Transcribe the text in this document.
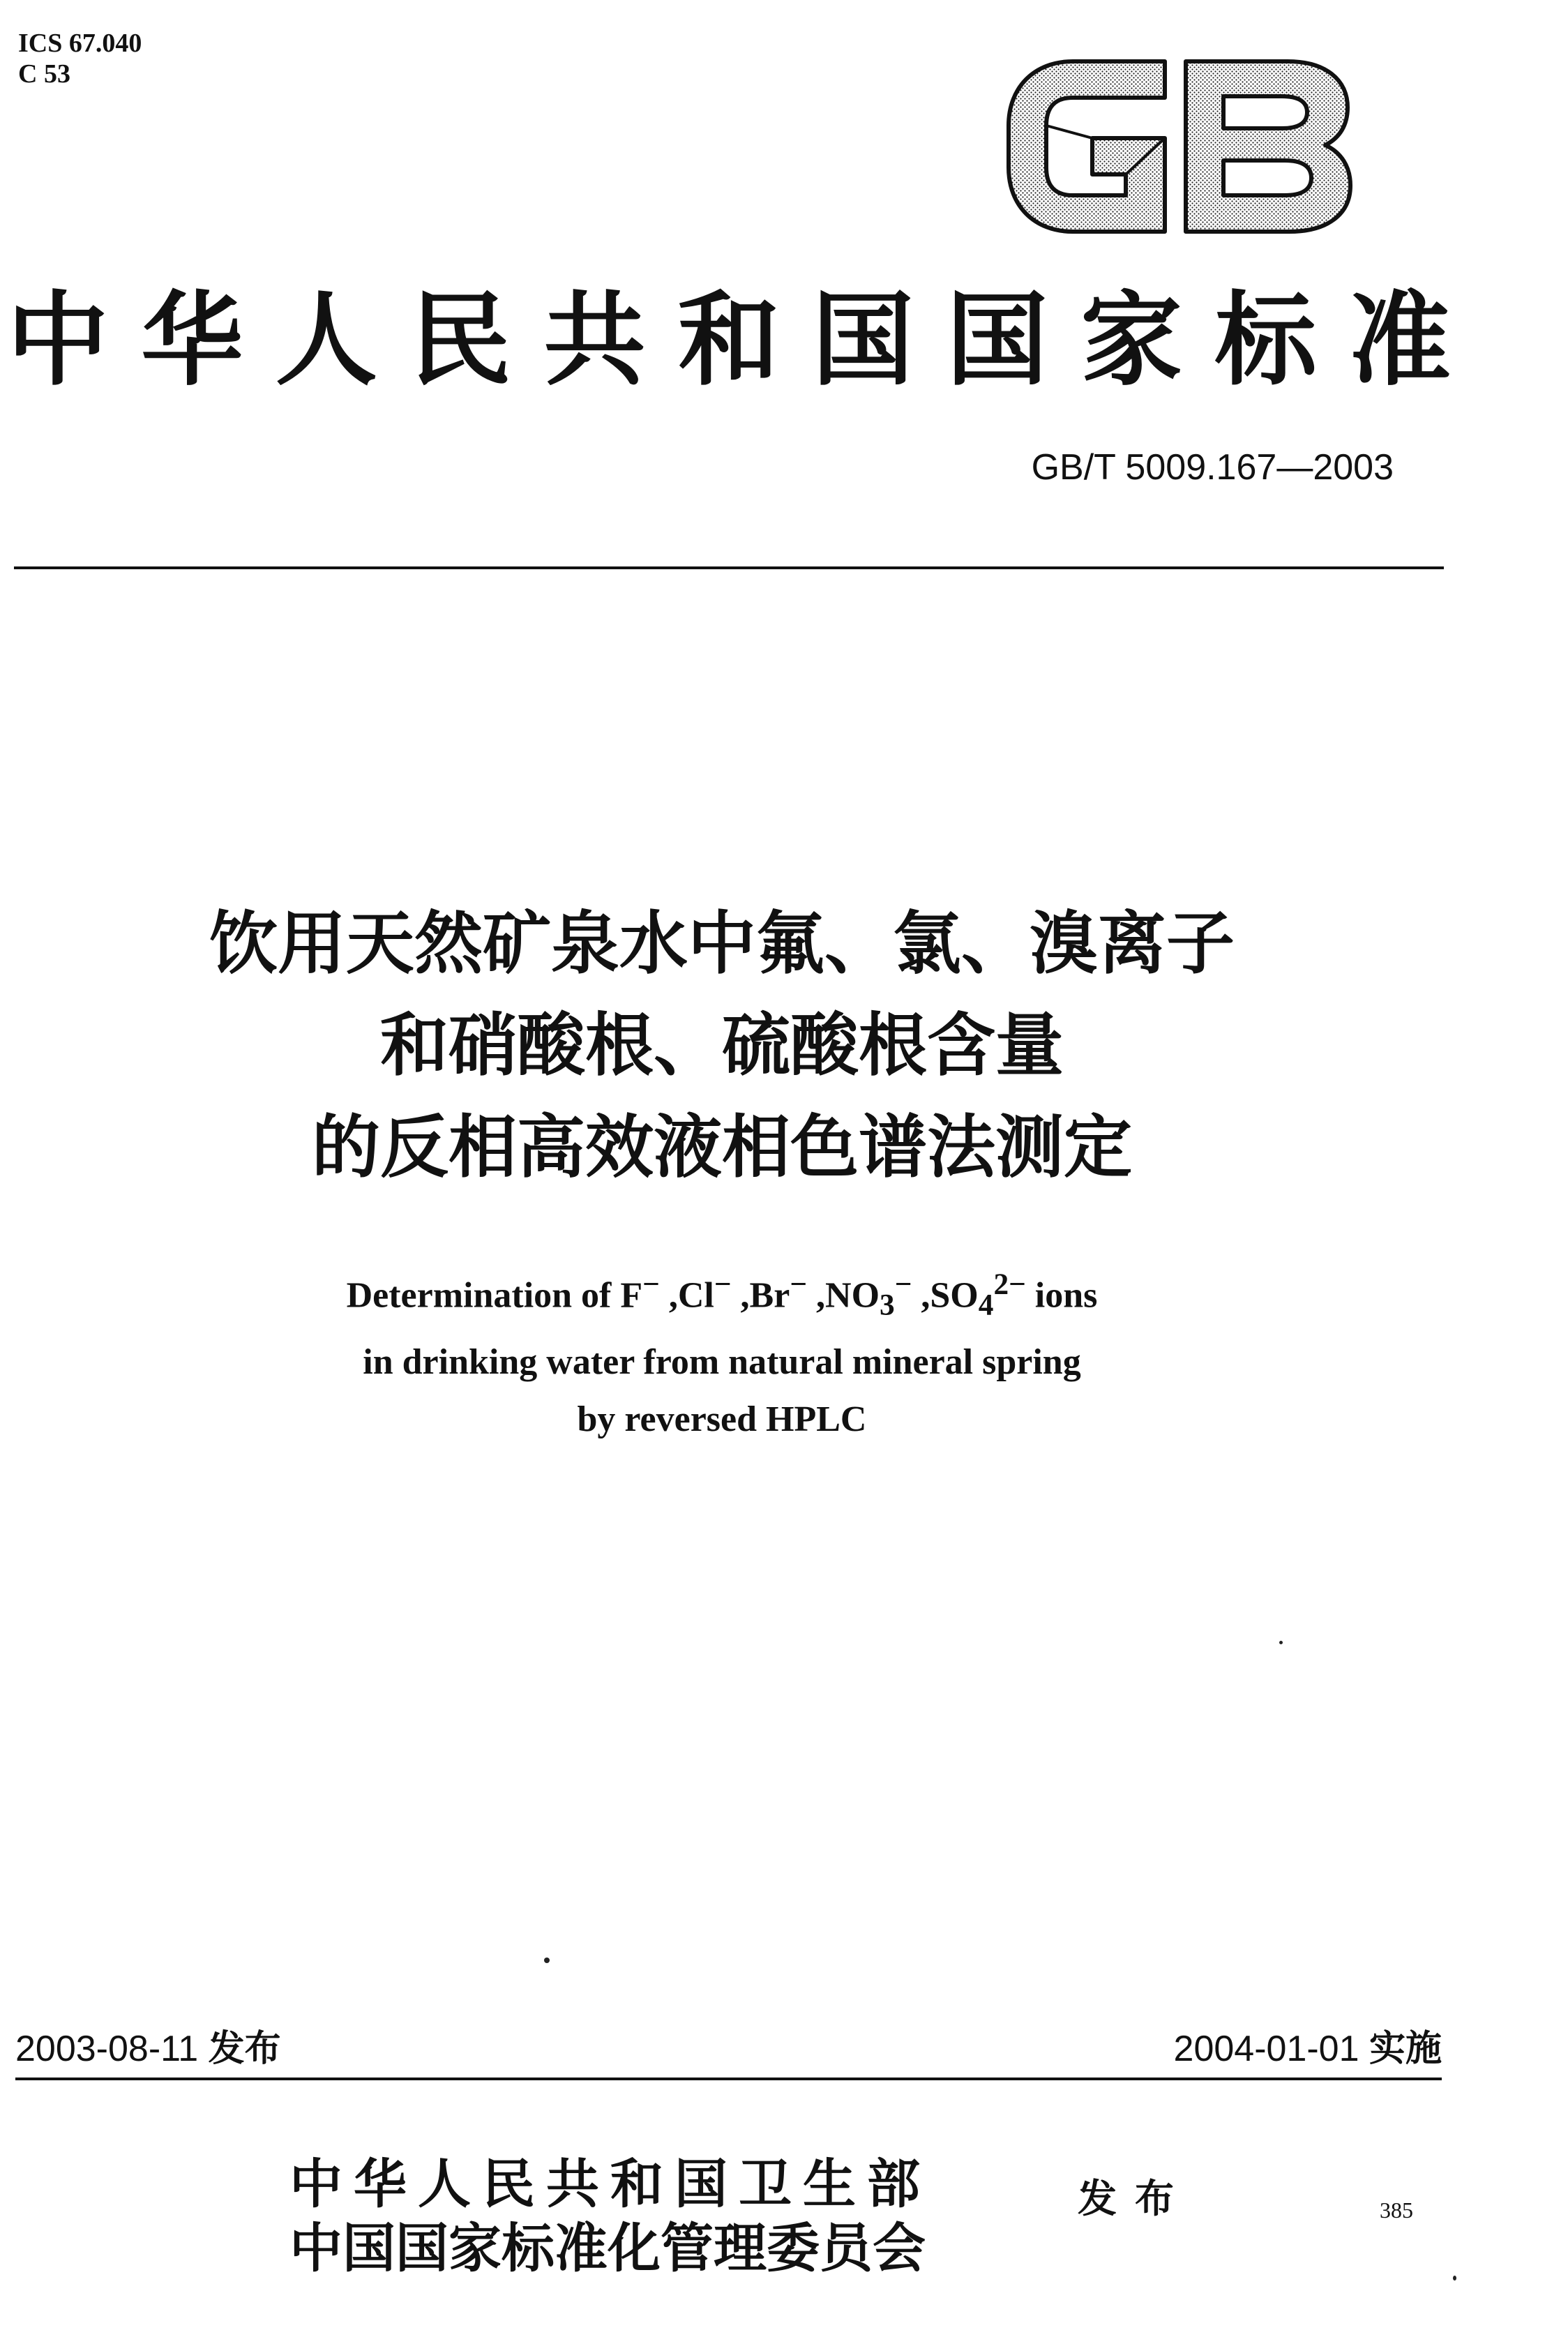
ICS 67.040
C 53
中 华 人 民 共 和 国 国 家 标 准
GB/T 5009.167—2003
饮用天然矿泉水中氟、氯、溴离子
和硝酸根、硫酸根含量
的反相高效液相色谱法测定
Determination of F− ,Cl− ,Br− $,NO_3^-$ $,SO_4^{2-}$ ions
in drinking water from natural mineral spring
by reversed HPLC
2003-08-11 发布	2004-01-01 实施
中华人民共和国卫生部
中国国家标准化管理委员会
发布	385
